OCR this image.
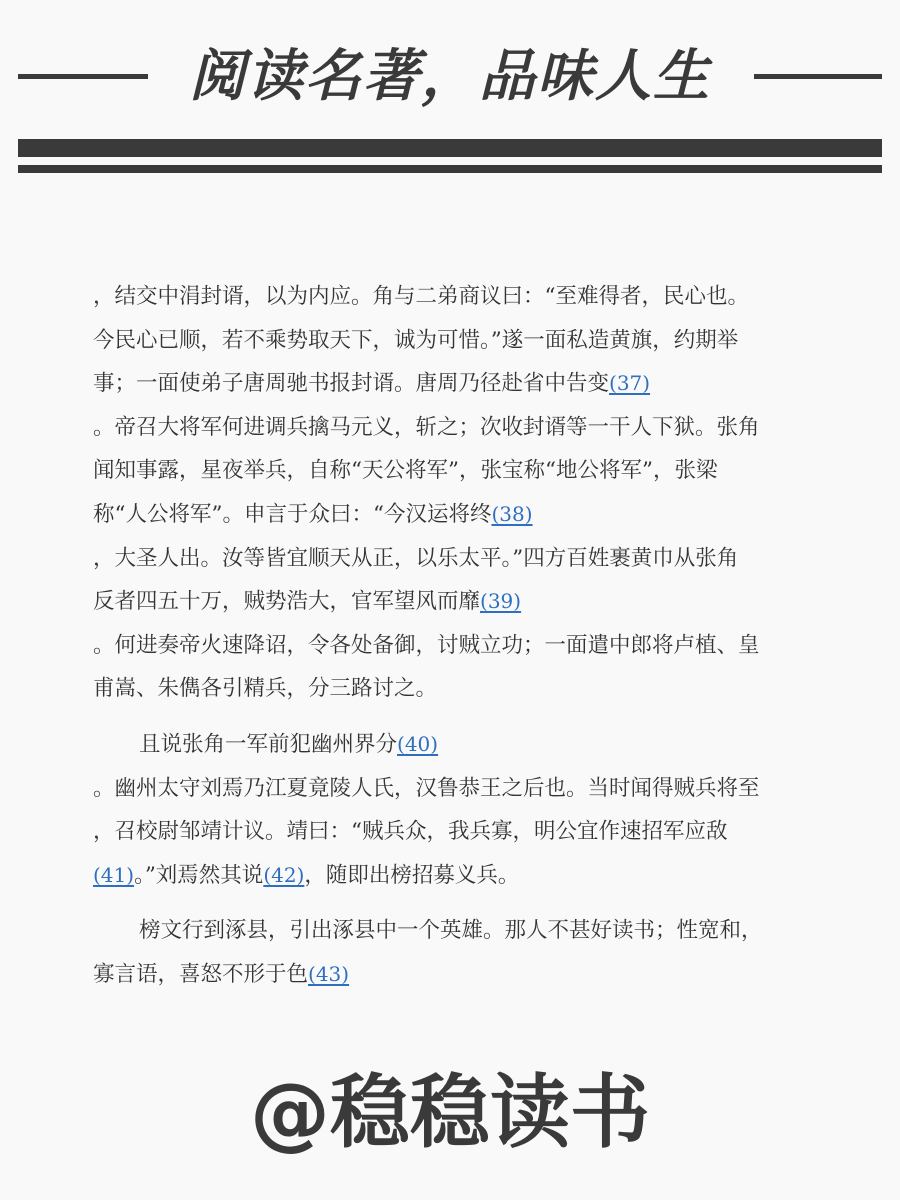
阅读名著，品味人生
，结交中涓封谞，以为内应。角与二弟商议曰：“至难得者，民心也。
今民心已顺，若不乘势取天下，诚为可惜。”遂一面私造黄旗，约期举
事；一面使弟子唐周驰书报封谞。唐周乃径赴省中告变(37)
。帝召大将军何进调兵擒马元义，斩之；次收封谞等一干人下狱。张角
闻知事露，星夜举兵，自称“天公将军”，张宝称“地公将军”，张梁
称“人公将军”。申言于众曰：“今汉运将终(38)
，大圣人出。汝等皆宜顺天从正，以乐太平。”四方百姓裹黄巾从张角
反者四五十万，贼势浩大，官军望风而靡(39)
。何进奏帝火速降诏，令各处备御，讨贼立功；一面遣中郎将卢植、皇
甫嵩、朱儁各引精兵，分三路讨之。
且说张角一军前犯幽州界分(40)
。幽州太守刘焉乃江夏竟陵人氏，汉鲁恭王之后也。当时闻得贼兵将至
，召校尉邹靖计议。靖曰：“贼兵众，我兵寡，明公宜作速招军应敌
(41)。”刘焉然其说(42)，随即出榜招募义兵。
榜文行到涿县，引出涿县中一个英雄。那人不甚好读书；性宽和，
寡言语，喜怒不形于色(43)
@稳稳读书
